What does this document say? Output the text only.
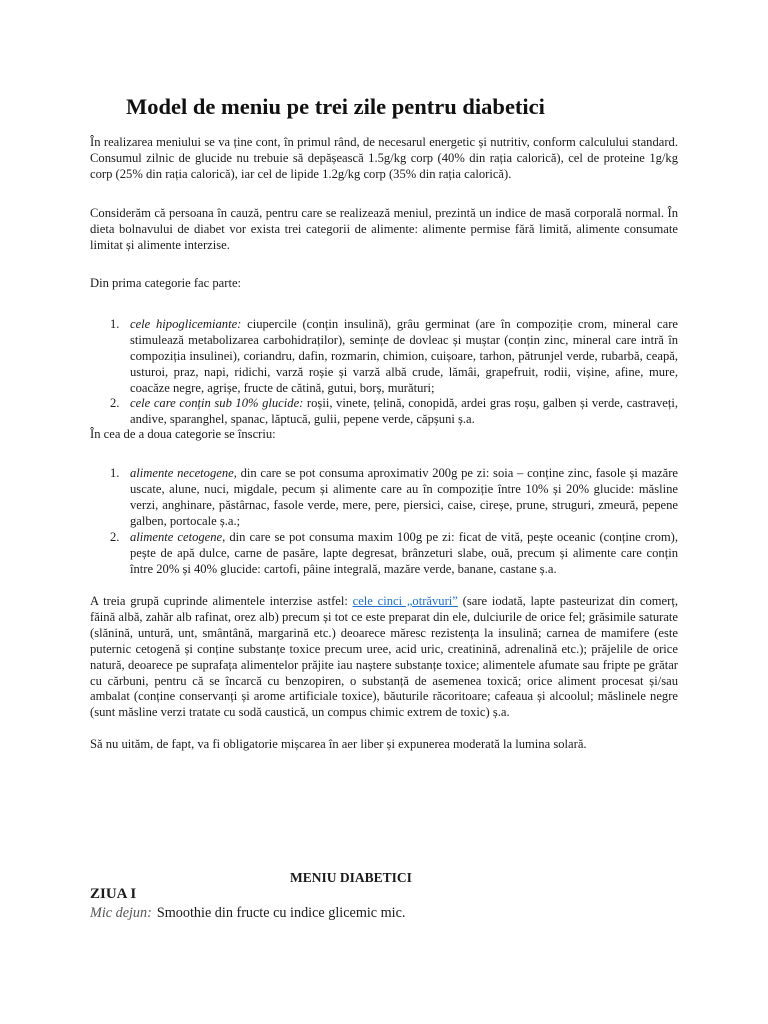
Model de meniu pe trei zile pentru diabetici

În realizarea meniului se va ține cont, în primul rând, de necesarul energetic și nutritiv, conform calculului standard. Consumul zilnic de glucide nu trebuie să depășească 1.5g/kg corp (40% din rația calorică), cel de proteine 1g/kg corp (25% din rația calorică), iar cel de lipide 1.2g/kg corp (35% din rația calorică).

Considerăm că persoana în cauză, pentru care se realizează meniul, prezintă un indice de masă corporală normal. În dieta bolnavului de diabet vor exista trei categorii de alimente: alimente permise fără limită, alimente consumate limitat și alimente interzise.

Din prima categorie fac parte:

1. cele hipoglicemiante: ciupercile (conțin insulină), grâu germinat (are în compoziție crom, mineral care stimulează metabolizarea carbohidraților), semințe de dovleac și muștar (conțin zinc, mineral care intră în compoziția insulinei), coriandru, dafin, rozmarin, chimion, cuișoare, tarhon, pătrunjel verde, rubarbă, ceapă, usturoi, praz, napi, ridichi, varză roșie și varză albă crude, lămâi, grapefruit, rodii, vișine, afine, mure, coacăze negre, agrișe, fructe de cătină, gutui, borș, murături;
2. cele care conțin sub 10% glucide: roșii, vinete, țelină, conopidă, ardei gras roșu, galben și verde, castraveți, andive, sparanghel, spanac, lăptucă, gulii, pepene verde, căpșuni ș.a.

În cea de a doua categorie se înscriu:

1. alimente necetogene, din care se pot consuma aproximativ 200g pe zi: soia – conține zinc, fasole și mazăre uscate, alune, nuci, migdale, pecum și alimente care au în compoziție între 10% și 20% glucide: măsline verzi, anghinare, păstârnac, fasole verde, mere, pere, piersici, caise, cireșe, prune, struguri, zmeură, pepene galben, portocale ș.a.;
2. alimente cetogene, din care se pot consuma maxim 100g pe zi: ficat de vită, pește oceanic (conține crom), pește de apă dulce, carne de pasăre, lapte degresat, brânzeturi slabe, ouă, precum și alimente care conțin între 20% și 40% glucide: cartofi, pâine integrală, mazăre verde, banane, castane ș.a.

A treia grupă cuprinde alimentele interzise astfel: cele cinci „otrăvuri” (sare iodată, lapte pasteurizat din comerț, făină albă, zahăr alb rafinat, orez alb) precum și tot ce este preparat din ele, dulciurile de orice fel; grăsimile saturate (slănină, untură, unt, smântână, margarină etc.) deoarece măresc rezistența la insulină; carnea de mamifere (este puternic cetogenă și conține substanțe toxice precum uree, acid uric, creatinină, adrenalină etc.); prăjelile de orice natură, deoarece pe suprafața alimentelor prăjite iau naștere substanțe toxice; alimentele afumate sau fripte pe grătar cu cărbuni, pentru că se încarcă cu benzopiren, o substanță de asemenea toxică; orice aliment procesat și/sau ambalat (conține conservanți și arome artificiale toxice), băuturile răcoritoare; cafeaua și alcoolul; măslinele negre (sunt măsline verzi tratate cu sodă caustică, un compus chimic extrem de toxic) ș.a.

Să nu uităm, de fapt, va fi obligatorie mișcarea în aer liber și expunerea moderată la lumina solară.

MENIU DIABETICI

ZIUA I

Mic dejun: Smoothie din fructe cu indice glicemic mic.
